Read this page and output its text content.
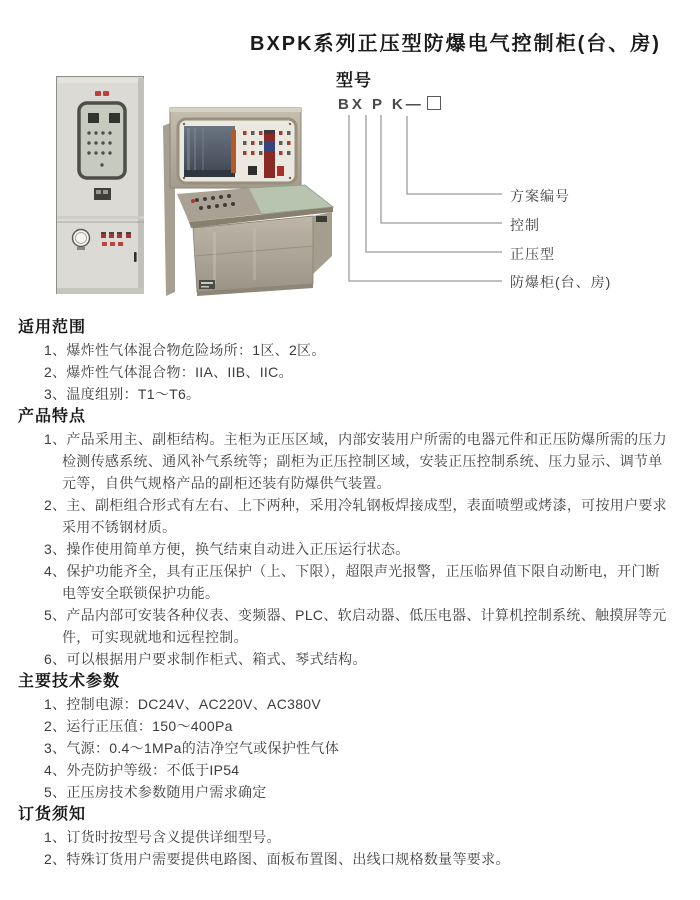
BXPK系列正压型防爆电气控制柜(台、房)
型号
BX P K—
方案编号
控制
正压型
防爆柜(台、房)
适用范围
1、爆炸性气体混合物危险场所：1区、2区。
2、爆炸性气体混合物：IIA、IIB、IIC。
3、温度组别：T1～T6。
产品特点
1、产品采用主、副柜结构。主柜为正压区域，内部安装用户所需的电器元件和正压防爆所需的压力检测传感系统、通风补气系统等；副柜为正压控制区域，安装正压控制系统、压力显示、调节单元等，自供气规格产品的副柜还装有防爆供气装置。
2、主、副柜组合形式有左右、上下两种，采用冷轧钢板焊接成型，表面喷塑或烤漆，可按用户要求采用不锈钢材质。
3、操作使用简单方便，换气结束自动进入正压运行状态。
4、保护功能齐全，具有正压保护（上、下限），超限声光报警，正压临界值下限自动断电，开门断电等安全联锁保护功能。
5、产品内部可安装各种仪表、变频器、PLC、软启动器、低压电器、计算机控制系统、触摸屏等元件，可实现就地和远程控制。
6、可以根据用户要求制作柜式、箱式、琴式结构。
主要技术参数
1、控制电源：DC24V、AC220V、AC380V
2、运行正压值：150～400Pa
3、气源：0.4～1MPa的洁净空气或保护性气体
4、外壳防护等级：不低于IP54
5、正压房技术参数随用户需求确定
订货须知
1、订货时按型号含义提供详细型号。
2、特殊订货用户需要提供电路图、面板布置图、出线口规格数量等要求。
